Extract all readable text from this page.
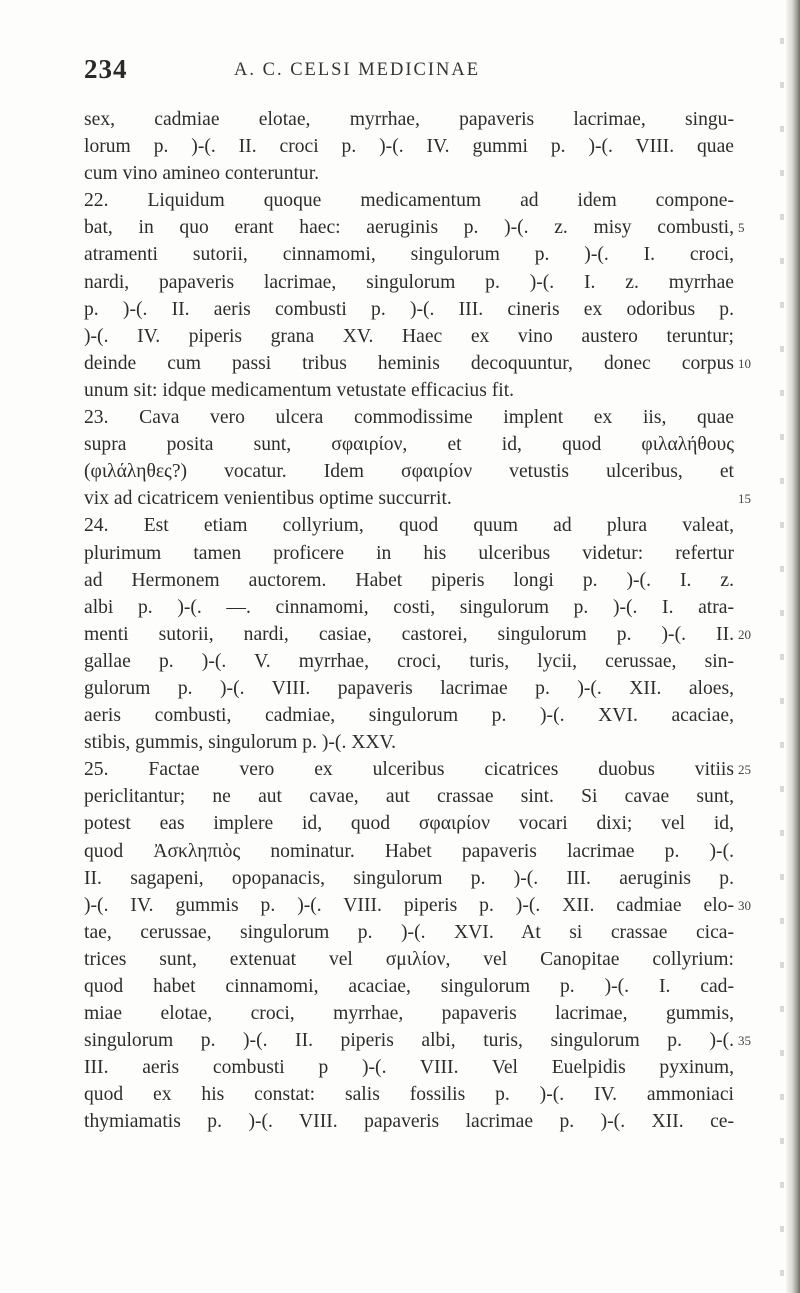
234	A. C. CELSI MEDICINAE
sex, cadmiae elotae, myrrhae, papaveris lacrimae, singu-
lorum p. )-(. II. croci p. )-(. IV. gummi p. )-(. VIII. quae
cum vino amineo conteruntur.
22. Liquidum quoque medicamentum ad idem compone-
bat, in quo erant haec: aeruginis p. )-(. z. misy combusti,
atramenti sutorii, cinnamomi, singulorum p. )-(. I. croci,
nardi, papaveris lacrimae, singulorum p. )-(. I. z. myrrhae
p. )-(. II. aeris combusti p. )-(. III. cineris ex odoribus p.
)-(. IV. piperis grana XV. Haec ex vino austero teruntur;
deinde cum passi tribus heminis decoquuntur, donec corpus
unum sit: idque medicamentum vetustate efficacius fit.
23. Cava vero ulcera commodissime implent ex iis, quae
supra posita sunt, σφαιρίον, et id, quod φιλαλήθους
(φιλάληθες?) vocatur. Idem σφαιρίον vetustis ulceribus, et
vix ad cicatricem venientibus optime succurrit.
24. Est etiam collyrium, quod quum ad plura valeat,
plurimum tamen proficere in his ulceribus videtur: refertur
ad Hermonem auctorem. Habet piperis longi p. )-(. I. z.
albi p. )-(. —. cinnamomi, costi, singulorum p. )-(. I. atra-
menti sutorii, nardi, casiae, castorei, singulorum p. )-(. II.
gallae p. )-(. V. myrrhae, croci, turis, lycii, cerussae, sin-
gulorum p. )-(. VIII. papaveris lacrimae p. )-(. XII. aloes,
aeris combusti, cadmiae, singulorum p. )-(. XVI. acaciae,
stibis, gummis, singulorum p. )-(. XXV.
25. Factae vero ex ulceribus cicatrices duobus vitiis
periclitantur; ne aut cavae, aut crassae sint. Si cavae sunt,
potest eas implere id, quod σφαιρίον vocari dixi; vel id,
quod Ἀσκληπιὸς nominatur. Habet papaveris lacrimae p. )-(.
II. sagapeni, opopanacis, singulorum p. )-(. III. aeruginis p.
)-(. IV. gummis p. )-(. VIII. piperis p. )-(. XII. cadmiae elo-
tae, cerussae, singulorum p. )-(. XVI. At si crassae cica-
trices sunt, extenuat vel σμιλίον, vel Canopitae collyrium:
quod habet cinnamomi, acaciae, singulorum p. )-(. I. cad-
miae elotae, croci, myrrhae, papaveris lacrimae, gummis,
singulorum p. )-(. II. piperis albi, turis, singulorum p. )-(.
III. aeris combusti p )-(. VIII. Vel Euelpidis pyxinum,
quod ex his constat: salis fossilis p. )-(. IV. ammoniaci
thymiamatis p. )-(. VIII. papaveris lacrimae p. )-(. XII. ce-
5
10
15
20
25
30
35
